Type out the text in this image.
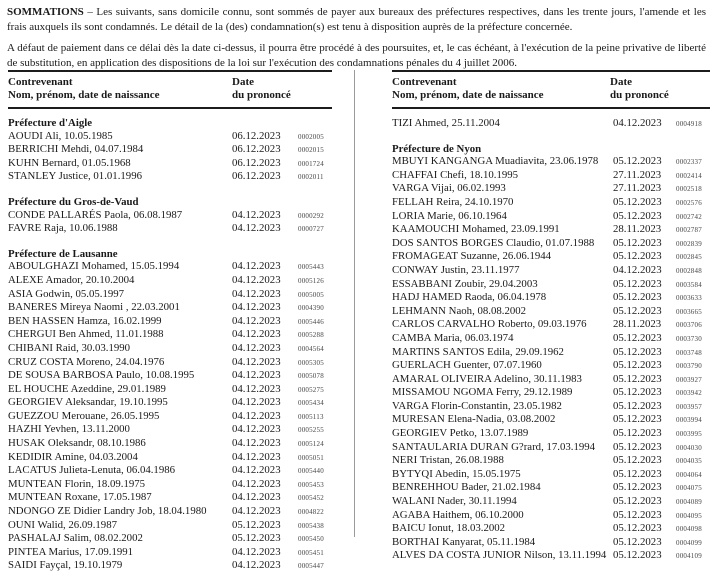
SOMMATIONS – Les suivants, sans domicile connu, sont sommés de payer aux bureaux des préfectures respectives, dans les trente jours, l'amende et les frais auxquels ils sont condamnés. Le détail de la (des) condamnation(s) est tenu à disposition auprès de la préfecture concernée.

A défaut de paiement dans ce délai dès la date ci-dessus, il pourra être procédé à des poursuites, et, le cas échéant, à l'exécution de la peine privative de liberté de substitution, en application des dispositions de la loi sur l'exécution des condamnations pénales du 4 juillet 2006.

Contrevenant
Nom, prénom, date de naissance
Date
du prononcé
Préfecture d'Aigle
AOUDI Ali, 10.05.1985	06.12.2023	0002005
BERRICHI Mehdi, 04.07.1984	06.12.2023	0002015
KUHN Bernard, 01.05.1968	06.12.2023	0001724
STANLEY Justice, 01.01.1996	06.12.2023	0002011
Préfecture du Gros-de-Vaud
CONDE PALLARÉS Paola, 06.08.1987	04.12.2023	0000292
FAVRE Raja, 10.06.1988	04.12.2023	0000727
Préfecture de Lausanne
ABOULGHAZI Mohamed, 15.05.1994	04.12.2023	0005443
ALEXE Amador, 20.10.2004	04.12.2023	0005126
ASIA Godwin, 05.05.1997	04.12.2023	0005005
BANERES Mireya Naomi , 22.03.2001	04.12.2023	0004390
BEN HASSEN Hamza, 16.02.1999	04.12.2023	0005446
CHERGUI Ben Ahmed, 11.01.1988	04.12.2023	0005288
CHIBANI Raid, 30.03.1990	04.12.2023	0004564
CRUZ COSTA Moreno, 24.04.1976	04.12.2023	0005305
DE SOUSA BARBOSA Paulo, 10.08.1995	04.12.2023	0005078
EL HOUCHE Azeddine, 29.01.1989	04.12.2023	0005275
GEORGIEV Aleksandar, 19.10.1995	04.12.2023	0005434
GUEZZOU Merouane, 26.05.1995	04.12.2023	0005113
HAZHI Yevhen, 13.11.2000	04.12.2023	0005255
HUSAK Oleksandr, 08.10.1986	04.12.2023	0005124
KEDIDIR Amine, 04.03.2004	04.12.2023	0005051
LACATUS Julieta-Lenuta, 06.04.1986	04.12.2023	0005440
MUNTEAN Florin, 18.09.1975	04.12.2023	0005453
MUNTEAN Roxane, 17.05.1987	04.12.2023	0005452
NDONGO ZE Didier Landry Job, 18.04.1980	04.12.2023	0004822
OUNI Walid, 26.09.1987	05.12.2023	0005438
PASHALAJ Salim, 08.02.2002	05.12.2023	0005450
PINTEA Marius, 17.09.1991	04.12.2023	0005451
SAIDI Fayçal, 19.10.1979	04.12.2023	0005447
Contrevenant
Nom, prénom, date de naissance
Date
du prononcé
TIZI Ahmed, 25.11.2004	04.12.2023	0004918
Préfecture de Nyon
MBUYI KANGANGA Muadiavita, 23.06.1978	05.12.2023	0002337
CHAFFAI Chefi, 18.10.1995	27.11.2023	0002414
VARGA Vijai, 06.02.1993	27.11.2023	0002518
FELLAH Reira, 24.10.1970	05.12.2023	0002576
LORIA Marie, 06.10.1964	05.12.2023	0002742
KAAMOUCHI Mohamed, 23.09.1991	28.11.2023	0002787
DOS SANTOS BORGES Claudio, 01.07.1988	05.12.2023	0002839
FROMAGEAT Suzanne, 26.06.1944	05.12.2023	0002845
CONWAY Justin, 23.11.1977	04.12.2023	0002848
ESSABBANI Zoubir, 29.04.2003	05.12.2023	0003584
HADJ HAMED Raoda, 06.04.1978	05.12.2023	0003633
LEHMANN Naoh, 08.08.2002	05.12.2023	0003665
CARLOS CARVALHO Roberto, 09.03.1976	28.11.2023	0003706
CAMBA Maria, 06.03.1974	05.12.2023	0003730
MARTINS SANTOS Edila, 29.09.1962	05.12.2023	0003748
GUERLACH Guenter, 07.07.1960	05.12.2023	0003790
AMARAL OLIVEIRA Adelino, 30.11.1983	05.12.2023	0003927
MISSAMOU NGOMA Ferry, 29.12.1989	05.12.2023	0003942
VARGA Florin-Constantin, 23.05.1982	05.12.2023	0003957
MURESAN Elena-Nadia, 03.08.2002	05.12.2023	0003994
GEORGIEV Petko, 13.07.1989	05.12.2023	0003995
SANTAULARIA DURAN G?rard, 17.03.1994	05.12.2023	0004030
NERI Tristan, 26.08.1988	05.12.2023	0004035
BYTYQI Abedin, 15.05.1975	05.12.2023	0004064
BENREHHOU Bader, 21.02.1984	05.12.2023	0004075
WALANI Nader, 30.11.1994	05.12.2023	0004089
AGABA Haithem, 06.10.2000	05.12.2023	0004095
BAICU Ionut, 18.03.2002	05.12.2023	0004098
BORTHAI Kanyarat, 05.11.1984	05.12.2023	0004099
ALVES DA COSTA JUNIOR Nilson, 13.11.1994 05.12.2023	0004109
